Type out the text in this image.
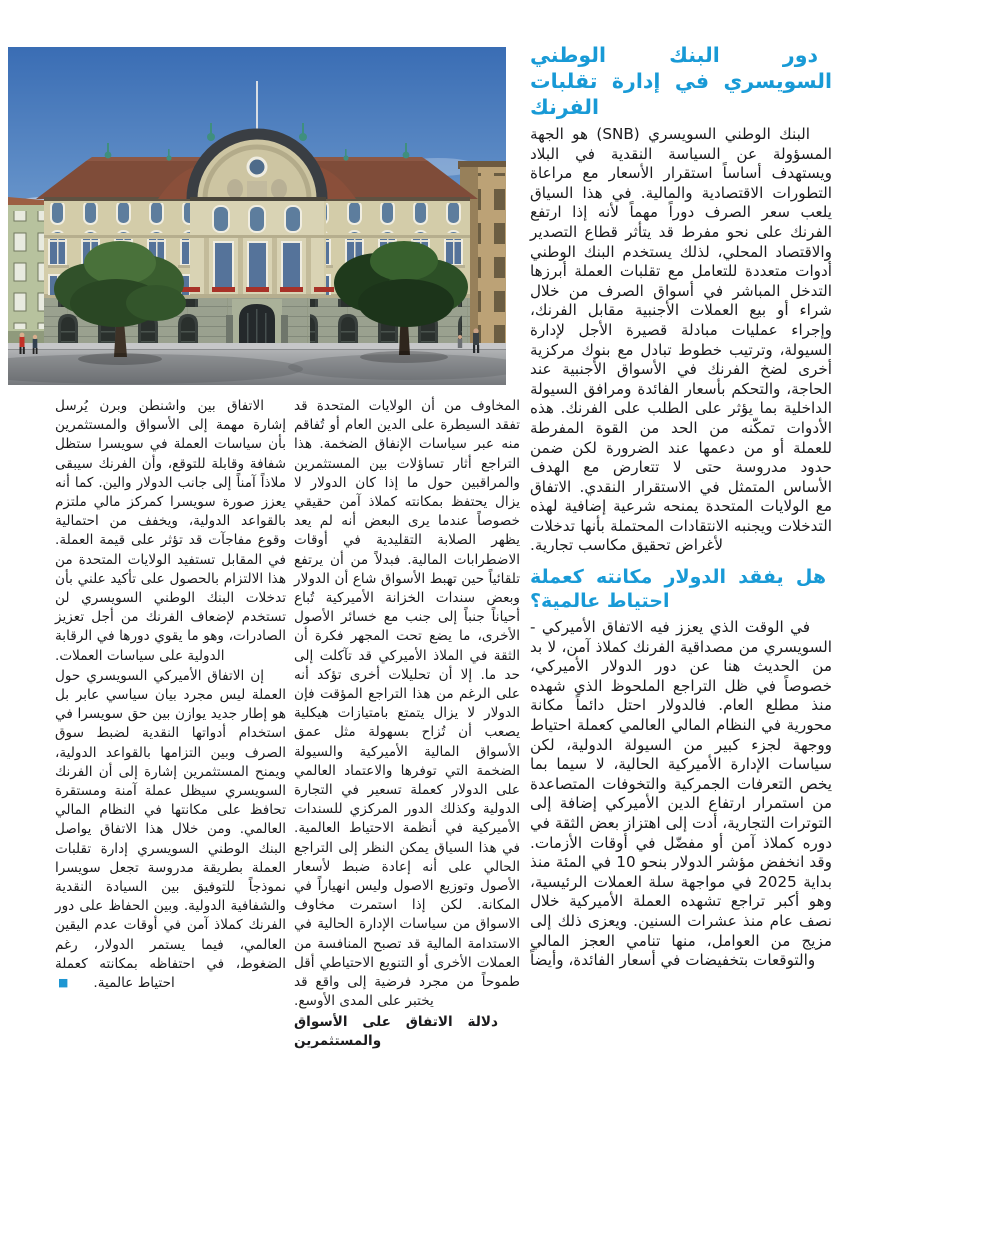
دور البنك الوطني السويسري في إدارة تقلبات الفرنك

البنك الوطني السويسري (SNB) هو الجهة المسؤولة عن السياسة النقدية في البلاد ويستهدف أساساً استقرار الأسعار مع مراعاة التطورات الاقتصادية والمالية. في هذا السياق يلعب سعر الصرف دوراً مهماً لأنه إذا ارتفع الفرنك على نحو مفرط قد يتأثر قطاع التصدير والاقتصاد المحلي، لذلك يستخدم البنك الوطني أدوات متعددة للتعامل مع تقلبات العملة أبرزها التدخل المباشر في أسواق الصرف من خلال شراء أو بيع العملات الأجنبية مقابل الفرنك، وإجراء عمليات مبادلة قصيرة الأجل لإدارة السيولة، وترتيب خطوط تبادل مع بنوك مركزية أخرى لضخ الفرنك في الأسواق الأجنبية عند الحاجة، والتحكم بأسعار الفائدة ومرافق السيولة الداخلية بما يؤثر على الطلب على الفرنك. هذه الأدوات تمكّنه من الحد من القوة المفرطة للعملة أو من دعمها عند الضرورة لكن ضمن حدود مدروسة حتى لا تتعارض مع الهدف الأساس المتمثل في الاستقرار النقدي. الاتفاق مع الولايات المتحدة يمنحه شرعية إضافية لهذه التدخلات ويجنبه الانتقادات المحتملة بأنها تدخلات لأغراض تحقيق مكاسب تجارية.

هل يفقد الدولار مكانته كعملة احتياط عالمية؟

في الوقت الذي يعزز فيه الاتفاق الأميركي - السويسري من مصداقية الفرنك كملاذ آمن، لا بد من الحديث هنا عن دور الدولار الأميركي، خصوصاً في ظل التراجع الملحوظ الذي شهده منذ مطلع العام. فالدولار احتل دائماً مكانة محورية في النظام المالي العالمي كعملة احتياط ووجهة لجزء كبير من السيولة الدولية، لكن سياسات الإدارة الأميركية الحالية، لا سيما بما يخص التعرفات الجمركية والتخوفات المتصاعدة من استمرار ارتفاع الدين الأميركي إضافة إلى التوترات التجارية، أدت إلى اهتزاز بعض الثقة في دوره كملاذ آمن أو مفضّل في أوقات الأزمات. وقد انخفض مؤشر الدولار بنحو 10 في المئة منذ بداية 2025 في مواجهة سلة العملات الرئيسية، وهو أكبر تراجع تشهده العملة الأميركية خلال نصف عام منذ عشرات السنين. ويعزى ذلك إلى مزيج من العوامل، منها تنامي العجز المالي والتوقعات بتخفيضات في أسعار الفائدة، وأيضاً

المخاوف من أن الولايات المتحدة قد تفقد السيطرة على الدين العام أو تُفاقم منه عبر سياسات الإنفاق الضخمة. هذا التراجع أثار تساؤلات بين المستثمرين والمراقبين حول ما إذا كان الدولار لا يزال يحتفظ بمكانته كملاذ آمن حقيقي خصوصاً عندما يرى البعض أنه لم يعد يظهر الصلابة التقليدية في أوقات الاضطرابات المالية. فبدلاً من أن يرتفع تلقائياً حين تهبط الأسواق شاع أن الدولار وبعض سندات الخزانة الأميركية تُباع أحياناً جنباً إلى جنب مع خسائر الأصول الأخرى، ما يضع تحت المجهر فكرة أن الثقة في الملاذ الأميركي قد تآكلت إلى حد ما. إلا أن تحليلات أخرى تؤكد أنه على الرغم من هذا التراجع المؤقت فإن الدولار لا يزال يتمتع بامتيازات هيكلية يصعب أن تُزاح بسهولة مثل عمق الأسواق المالية الأميركية والسيولة الضخمة التي توفرها والاعتماد العالمي على الدولار كعملة تسعير في التجارة الدولية وكذلك الدور المركزي للسندات الأميركية في أنظمة الاحتياط العالمية. في هذا السياق يمكن النظر إلى التراجع الحالي على أنه إعادة ضبط لأسعار الأصول وتوزيع الاصول وليس انهياراً في المكانة. لكن إذا استمرت مخاوف الاسواق من سياسات الإدارة الحالية في الاستدامة المالية قد تصبح المنافسة من العملات الأخرى أو التنويع الاحتياطي أقل طموحاً من مجرد فرضية إلى واقع قد يختبر على المدى الأوسع.

دلالة الاتفاق على الأسواق والمستثمرين

الاتفاق بين واشنطن وبرن يُرسل إشارة مهمة إلى الأسواق والمستثمرين بأن سياسات العملة في سويسرا ستظل شفافة وقابلة للتوقع، وأن الفرنك سيبقى ملاذاً آمناً إلى جانب الدولار والين. كما أنه يعزز صورة سويسرا كمركز مالي ملتزم بالقواعد الدولية، ويخفف من احتمالية وقوع مفاجآت قد تؤثر على قيمة العملة. في المقابل تستفيد الولايات المتحدة من هذا الالتزام بالحصول على تأكيد علني بأن تدخلات البنك الوطني السويسري لن تستخدم لإضعاف الفرنك من أجل تعزيز الصادرات، وهو ما يقوي دورها في الرقابة الدولية على سياسات العملات.

إن الاتفاق الأميركي السويسري حول العملة ليس مجرد بيان سياسي عابر بل هو إطار جديد يوازن بين حق سويسرا في استخدام أدواتها النقدية لضبط سوق الصرف وبين التزامها بالقواعد الدولية، ويمنح المستثمرين إشارة إلى أن الفرنك السويسري سيظل عملة آمنة ومستقرة تحافظ على مكانتها في النظام المالي العالمي. ومن خلال هذا الاتفاق يواصل البنك الوطني السويسري إدارة تقلبات العملة بطريقة مدروسة تجعل سويسرا نموذجاً للتوفيق بين السيادة النقدية والشفافية الدولية. وبين الحفاظ على دور الفرنك كملاذ آمن في أوقات عدم اليقين العالمي، فيما يستمر الدولار، رغم الضغوط، في احتفاظه بمكانته كعملة احتياط عالمية.■
